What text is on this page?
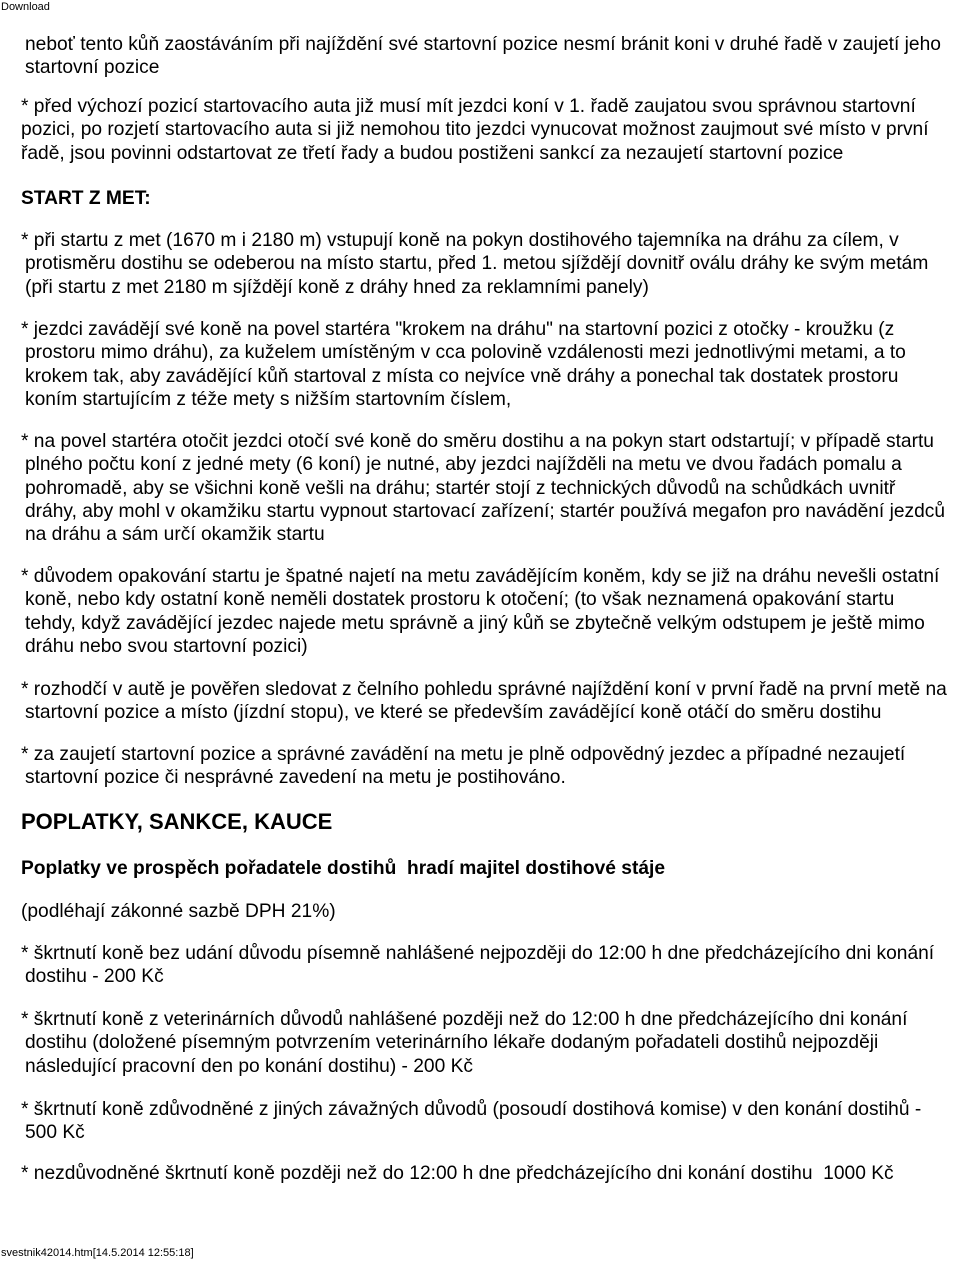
Download
neboť tento kůň zaostáváním při najíždění své startovní pozice nesmí bránit koni v druhé řadě v zaujetí jeho
startovní pozice
* před výchozí pozicí startovacího auta již musí mít jezdci koní v 1. řadě zaujatou svou správnou startovní
pozici, po rozjetí startovacího auta si již nemohou tito jezdci vynucovat možnost zaujmout své místo v první
řadě, jsou povinni odstartovat ze třetí řady a budou postiženi sankcí za nezaujetí startovní pozice
START Z MET:
* při startu z met (1670 m i 2180 m) vstupují koně na pokyn dostihového tajemníka na dráhu za cílem, v
protisměru dostihu se odeberou na místo startu, před 1. metou sjíždějí dovnitř oválu dráhy ke svým metám
(při startu z met 2180 m sjíždějí koně z dráhy hned za reklamními panely)
* jezdci zavádějí své koně na povel startéra "krokem na dráhu" na startovní pozici z otočky - kroužku (z
prostoru mimo dráhu), za kuželem umístěným v cca polovině vzdálenosti mezi jednotlivými metami, a to
krokem tak, aby zavádějící kůň startoval z místa co nejvíce vně dráhy a ponechal tak dostatek prostoru
koním startujícím z téže mety s nižším startovním číslem,
* na povel startéra otočit jezdci otočí své koně do směru dostihu a na pokyn start odstartují; v případě startu
plného počtu koní z jedné mety (6 koní) je nutné, aby jezdci najížděli na metu ve dvou řadách pomalu a
pohromadě, aby se všichni koně vešli na dráhu; startér stojí z technických důvodů na schůdkách uvnitř
dráhy, aby mohl v okamžiku startu vypnout startovací zařízení; startér používá megafon pro navádění jezdců
na dráhu a sám určí okamžik startu
* důvodem opakování startu je špatné najetí na metu zavádějícím koněm, kdy se již na dráhu nevešli ostatní
koně, nebo kdy ostatní koně neměli dostatek prostoru k otočení; (to však neznamená opakování startu
tehdy, když zavádějící jezdec najede metu správně a jiný kůň se zbytečně velkým odstupem je ještě mimo
dráhu nebo svou startovní pozici)
* rozhodčí v autě je pověřen sledovat z čelního pohledu správné najíždění koní v první řadě na první metě na
startovní pozice a místo (jízdní stopu), ve které se především zavádějící koně otáčí do směru dostihu
* za zaujetí startovní pozice a správné zavádění na metu je plně odpovědný jezdec a případné nezaujetí
startovní pozice či nesprávné zavedení na metu je postihováno.
POPLATKY, SANKCE, KAUCE
Poplatky ve prospěch pořadatele dostihů  hradí majitel dostihové stáje
(podléhají zákonné sazbě DPH 21%)
* škrtnutí koně bez udání důvodu písemně nahlášené nejpozději do 12:00 h dne předcházejícího dni konání
dostihu - 200 Kč
* škrtnutí koně z veterinárních důvodů nahlášené později než do 12:00 h dne předcházejícího dni konání
dostihu (doložené písemným potvrzením veterinárního lékaře dodaným pořadateli dostihů nejpozději
následující pracovní den po konání dostihu) - 200 Kč
* škrtnutí koně zdůvodněné z jiných závažných důvodů (posoudí dostihová komise) v den konání dostihů -
500 Kč
* nezdůvodněné škrtnutí koně později než do 12:00 h dne předcházejícího dni konání dostihu  1000 Kč
svestnik42014.htm[14.5.2014 12:55:18]
